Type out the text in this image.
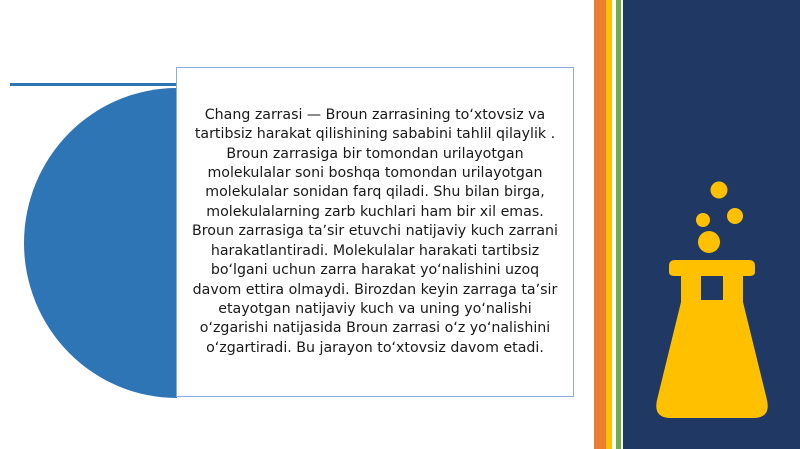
Chang zarrasi — Broun zarrasining toʻxtovsiz va tartibsiz harakat qilishining sababini tahlil qilaylik . Broun zarrasiga bir tomondan urilayotgan molekulalar soni boshqa tomondan urilayotgan molekulalar sonidan farq qiladi. Shu bilan birga, molekulalarning zarb kuchlari ham bir xil emas. Broun zarrasiga taʼsir etuvchi natijaviy kuch zarrani harakatlantiradi. Molekulalar harakati tartibsiz boʻlgani uchun zarra harakat yoʻnalishini uzoq davom ettira olmaydi. Birozdan keyin zarraga taʼsir etayotgan natijaviy kuch va uning yoʻnalishi oʻzgarishi natijasida Broun zarrasi oʻz yoʻnalishini oʻzgartiradi. Bu jarayon toʻxtovsiz davom etadi.
